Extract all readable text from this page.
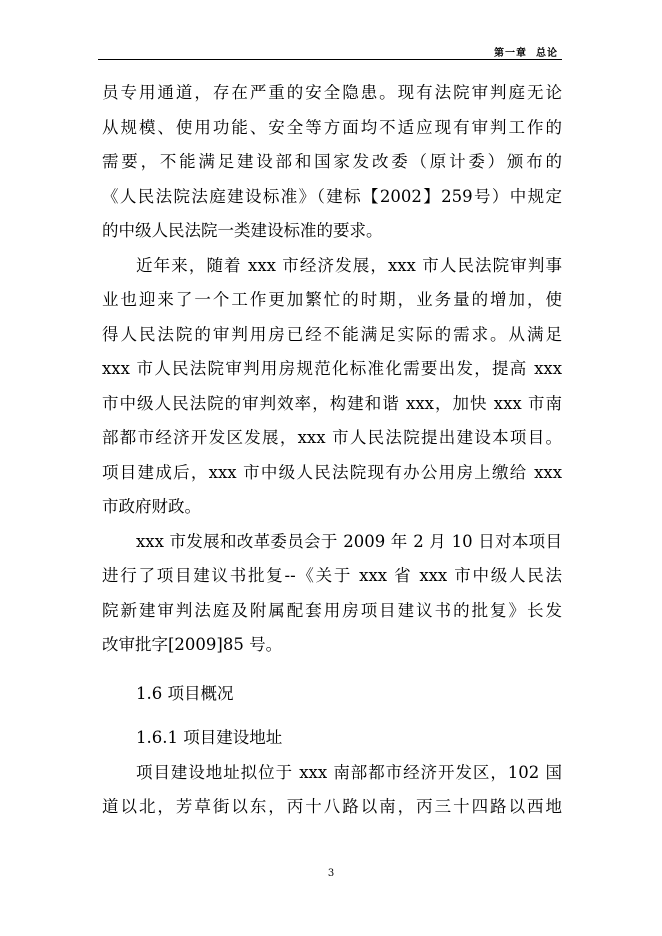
第一章 总论
员专用通道，存在严重的安全隐患。现有法院审判庭无论
从规模、使用功能、安全等方面均不适应现有审判工作的
需要，不能满足建设部和国家发改委（原计委）颁布的
《人民法院法庭建设标准》（建标【2002】259号）中规定
的中级人民法院一类建设标准的要求。
近年来，随着 xxx 市经济发展，xxx 市人民法院审判事
业也迎来了一个工作更加繁忙的时期，业务量的增加，使
得人民法院的审判用房已经不能满足实际的需求。从满足
xxx 市人民法院审判用房规范化标准化需要出发，提高 xxx
市中级人民法院的审判效率，构建和谐 xxx，加快 xxx 市南
部都市经济开发区发展，xxx 市人民法院提出建设本项目。
项目建成后，xxx 市中级人民法院现有办公用房上缴给 xxx
市政府财政。
xxx 市发展和改革委员会于 2009 年 2 月 10 日对本项目
进行了项目建议书批复--《关于 xxx 省 xxx 市中级人民法
院新建审判法庭及附属配套用房项目建议书的批复》长发
改审批字[2009]85 号。
1.6 项目概况
1.6.1 项目建设地址
项目建设地址拟位于 xxx 南部都市经济开发区，102 国
道以北，芳草街以东，丙十八路以南，丙三十四路以西地
3
